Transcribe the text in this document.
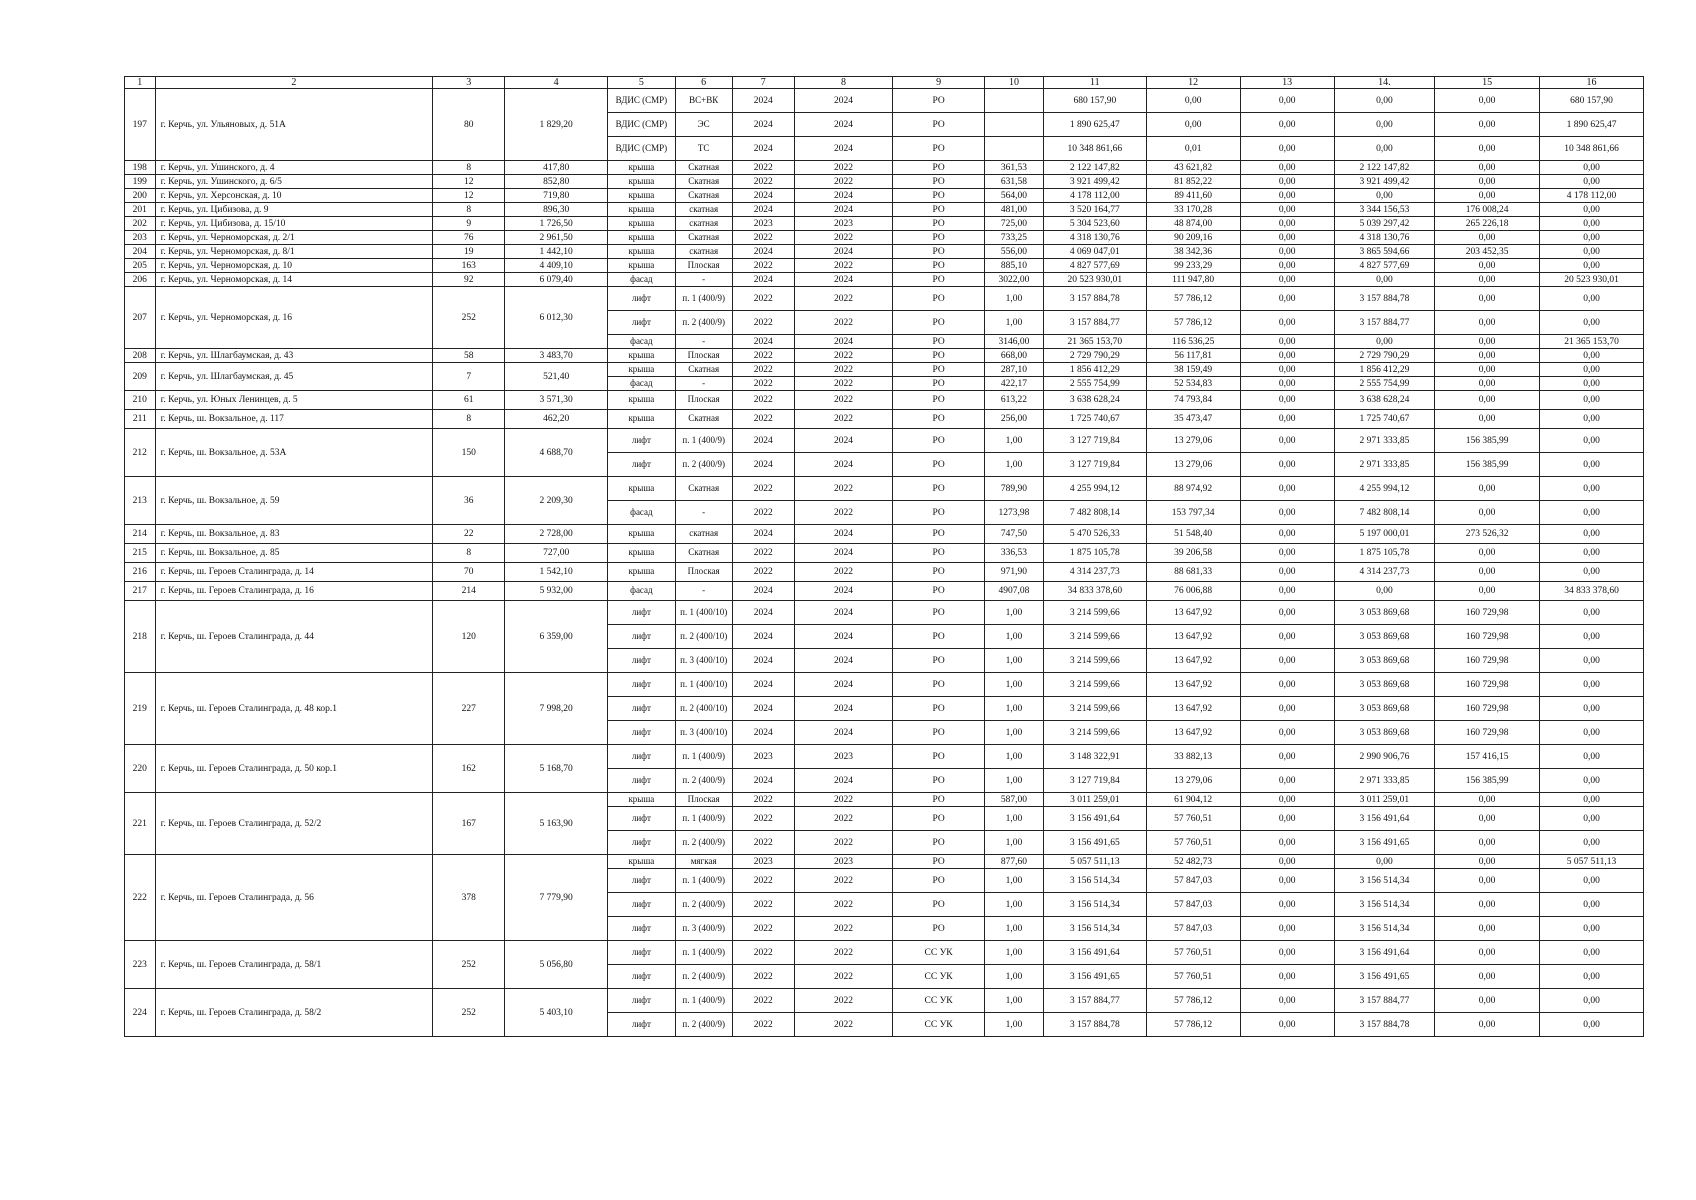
1	2	3	4	5	6	7	8	9	10	11	12	13	14.	15	16
197	г. Керчь, ул. Ульяновых, д. 51А	80	1 829,20	ВДИС (СМР)	ВС+ВК	2024	2024	РО		680 157,90	0,00	0,00	0,00	0,00	680 157,90
				ВДИС (СМР)	ЭС	2024	2024	РО		1 890 625,47	0,00	0,00	0,00	0,00	1 890 625,47
				ВДИС (СМР)	ТС	2024	2024	РО		10 348 861,66	0,01	0,00	0,00	0,00	10 348 861,66
198	г. Керчь, ул. Ушинского, д. 4	8	417,80	крыша	Скатная	2022	2022	РО	361,53	2 122 147,82	43 621,82	0,00	2 122 147,82	0,00	0,00
199	г. Керчь, ул. Ушинского, д. 6/5	12	852,80	крыша	Скатная	2022	2022	РО	631,58	3 921 499,42	81 852,22	0,00	3 921 499,42	0,00	0,00
200	г. Керчь, ул. Херсонская, д. 10	12	719,80	крыша	Скатная	2024	2024	РО	564,00	4 178 112,00	89 411,60	0,00	0,00	0,00	4 178 112,00
201	г. Керчь, ул. Цибизова, д. 9	8	896,30	крыша	скатная	2024	2024	РО	481,00	3 520 164,77	33 170,28	0,00	3 344 156,53	176 008,24	0,00
202	г. Керчь, ул. Цибизова, д. 15/10	9	1 726,50	крыша	скатная	2023	2023	РО	725,00	5 304 523,60	48 874,00	0,00	5 039 297,42	265 226,18	0,00
203	г. Керчь, ул. Черноморская, д. 2/1	76	2 961,50	крыша	Скатная	2022	2022	РО	733,25	4 318 130,76	90 209,16	0,00	4 318 130,76	0,00	0,00
204	г. Керчь, ул. Черноморская, д. 8/1	19	1 442,10	крыша	скатная	2024	2024	РО	556,00	4 069 047,01	38 342,36	0,00	3 865 594,66	203 452,35	0,00
205	г. Керчь, ул. Черноморская, д. 10	163	4 409,10	крыша	Плоская	2022	2022	РО	885,10	4 827 577,69	99 233,29	0,00	4 827 577,69	0,00	0,00
206	г. Керчь, ул. Черноморская, д. 14	92	6 079,40	фасад	-	2024	2024	РО	3022,00	20 523 930,01	111 947,80	0,00	0,00	0,00	20 523 930,01
207	г. Керчь, ул. Черноморская, д. 16	252	6 012,30	лифт	п. 1 (400/9)	2022	2022	РО	1,00	3 157 884,78	57 786,12	0,00	3 157 884,78	0,00	0,00
				лифт	п. 2 (400/9)	2022	2022	РО	1,00	3 157 884,77	57 786,12	0,00	3 157 884,77	0,00	0,00
				фасад	-	2024	2024	РО	3146,00	21 365 153,70	116 536,25	0,00	0,00	0,00	21 365 153,70
208	г. Керчь, ул. Шлагбаумская, д. 43	58	3 483,70	крыша	Плоская	2022	2022	РО	668,00	2 729 790,29	56 117,81	0,00	2 729 790,29	0,00	0,00
209	г. Керчь, ул. Шлагбаумская, д. 45	7	521,40	крыша	Скатная	2022	2022	РО	287,10	1 856 412,29	38 159,49	0,00	1 856 412,29	0,00	0,00
				фасад	-	2022	2022	РО	422,17	2 555 754,99	52 534,83	0,00	2 555 754,99	0,00	0,00
210	г. Керчь, ул. Юных Ленинцев, д. 5	61	3 571,30	крыша	Плоская	2022	2022	РО	613,22	3 638 628,24	74 793,84	0,00	3 638 628,24	0,00	0,00
211	г. Керчь, ш. Вокзальное, д. 117	8	462,20	крыша	Скатная	2022	2022	РО	256,00	1 725 740,67	35 473,47	0,00	1 725 740,67	0,00	0,00
212	г. Керчь, ш. Вокзальное, д. 53А	150	4 688,70	лифт	п. 1 (400/9)	2024	2024	РО	1,00	3 127 719,84	13 279,06	0,00	2 971 333,85	156 385,99	0,00
				лифт	п. 2 (400/9)	2024	2024	РО	1,00	3 127 719,84	13 279,06	0,00	2 971 333,85	156 385,99	0,00
213	г. Керчь, ш. Вокзальное, д. 59	36	2 209,30	крыша	Скатная	2022	2022	РО	789,90	4 255 994,12	88 974,92	0,00	4 255 994,12	0,00	0,00
				фасад	-	2022	2022	РО	1273,98	7 482 808,14	153 797,34	0,00	7 482 808,14	0,00	0,00
214	г. Керчь, ш. Вокзальное, д. 83	22	2 728,00	крыша	скатная	2024	2024	РО	747,50	5 470 526,33	51 548,40	0,00	5 197 000,01	273 526,32	0,00
215	г. Керчь, ш. Вокзальное, д. 85	8	727,00	крыша	Скатная	2022	2024	РО	336,53	1 875 105,78	39 206,58	0,00	1 875 105,78	0,00	0,00
216	г. Керчь, ш. Героев Сталинграда, д. 14	70	1 542,10	крыша	Плоская	2022	2022	РО	971,90	4 314 237,73	88 681,33	0,00	4 314 237,73	0,00	0,00
217	г. Керчь, ш. Героев Сталинграда, д. 16	214	5 932,00	фасад	-	2024	2024	РО	4907,08	34 833 378,60	76 006,88	0,00	0,00	0,00	34 833 378,60
218	г. Керчь, ш. Героев Сталинграда, д. 44	120	6 359,00	лифт	п. 1 (400/10)	2024	2024	РО	1,00	3 214 599,66	13 647,92	0,00	3 053 869,68	160 729,98	0,00
				лифт	п. 2 (400/10)	2024	2024	РО	1,00	3 214 599,66	13 647,92	0,00	3 053 869,68	160 729,98	0,00
				лифт	п. 3 (400/10)	2024	2024	РО	1,00	3 214 599,66	13 647,92	0,00	3 053 869,68	160 729,98	0,00
219	г. Керчь, ш. Героев Сталинграда, д. 48 кор.1	227	7 998,20	лифт	п. 1 (400/10)	2024	2024	РО	1,00	3 214 599,66	13 647,92	0,00	3 053 869,68	160 729,98	0,00
				лифт	п. 2 (400/10)	2024	2024	РО	1,00	3 214 599,66	13 647,92	0,00	3 053 869,68	160 729,98	0,00
				лифт	п. 3 (400/10)	2024	2024	РО	1,00	3 214 599,66	13 647,92	0,00	3 053 869,68	160 729,98	0,00
220	г. Керчь, ш. Героев Сталинграда, д. 50 кор.1	162	5 168,70	лифт	п. 1 (400/9)	2023	2023	РО	1,00	3 148 322,91	33 882,13	0,00	2 990 906,76	157 416,15	0,00
				лифт	п. 2 (400/9)	2024	2024	РО	1,00	3 127 719,84	13 279,06	0,00	2 971 333,85	156 385,99	0,00
221	г. Керчь, ш. Героев Сталинграда, д. 52/2	167	5 163,90	крыша	Плоская	2022	2022	РО	587,00	3 011 259,01	61 904,12	0,00	3 011 259,01	0,00	0,00
				лифт	п. 1 (400/9)	2022	2022	РО	1,00	3 156 491,64	57 760,51	0,00	3 156 491,64	0,00	0,00
				лифт	п. 2 (400/9)	2022	2022	РО	1,00	3 156 491,65	57 760,51	0,00	3 156 491,65	0,00	0,00
222	г. Керчь, ш. Героев Сталинграда, д. 56	378	7 779,90	крыша	мягкая	2023	2023	РО	877,60	5 057 511,13	52 482,73	0,00	0,00	0,00	5 057 511,13
				лифт	п. 1 (400/9)	2022	2022	РО	1,00	3 156 514,34	57 847,03	0,00	3 156 514,34	0,00	0,00
				лифт	п. 2 (400/9)	2022	2022	РО	1,00	3 156 514,34	57 847,03	0,00	3 156 514,34	0,00	0,00
				лифт	п. 3 (400/9)	2022	2022	РО	1,00	3 156 514,34	57 847,03	0,00	3 156 514,34	0,00	0,00
223	г. Керчь, ш. Героев Сталинграда, д. 58/1	252	5 056,80	лифт	п. 1 (400/9)	2022	2022	СС УК	1,00	3 156 491,64	57 760,51	0,00	3 156 491,64	0,00	0,00
				лифт	п. 2 (400/9)	2022	2022	СС УК	1,00	3 156 491,65	57 760,51	0,00	3 156 491,65	0,00	0,00
224	г. Керчь, ш. Героев Сталинграда, д. 58/2	252	5 403,10	лифт	п. 1 (400/9)	2022	2022	СС УК	1,00	3 157 884,77	57 786,12	0,00	3 157 884,77	0,00	0,00
				лифт	п. 2 (400/9)	2022	2022	СС УК	1,00	3 157 884,78	57 786,12	0,00	3 157 884,78	0,00	0,00
